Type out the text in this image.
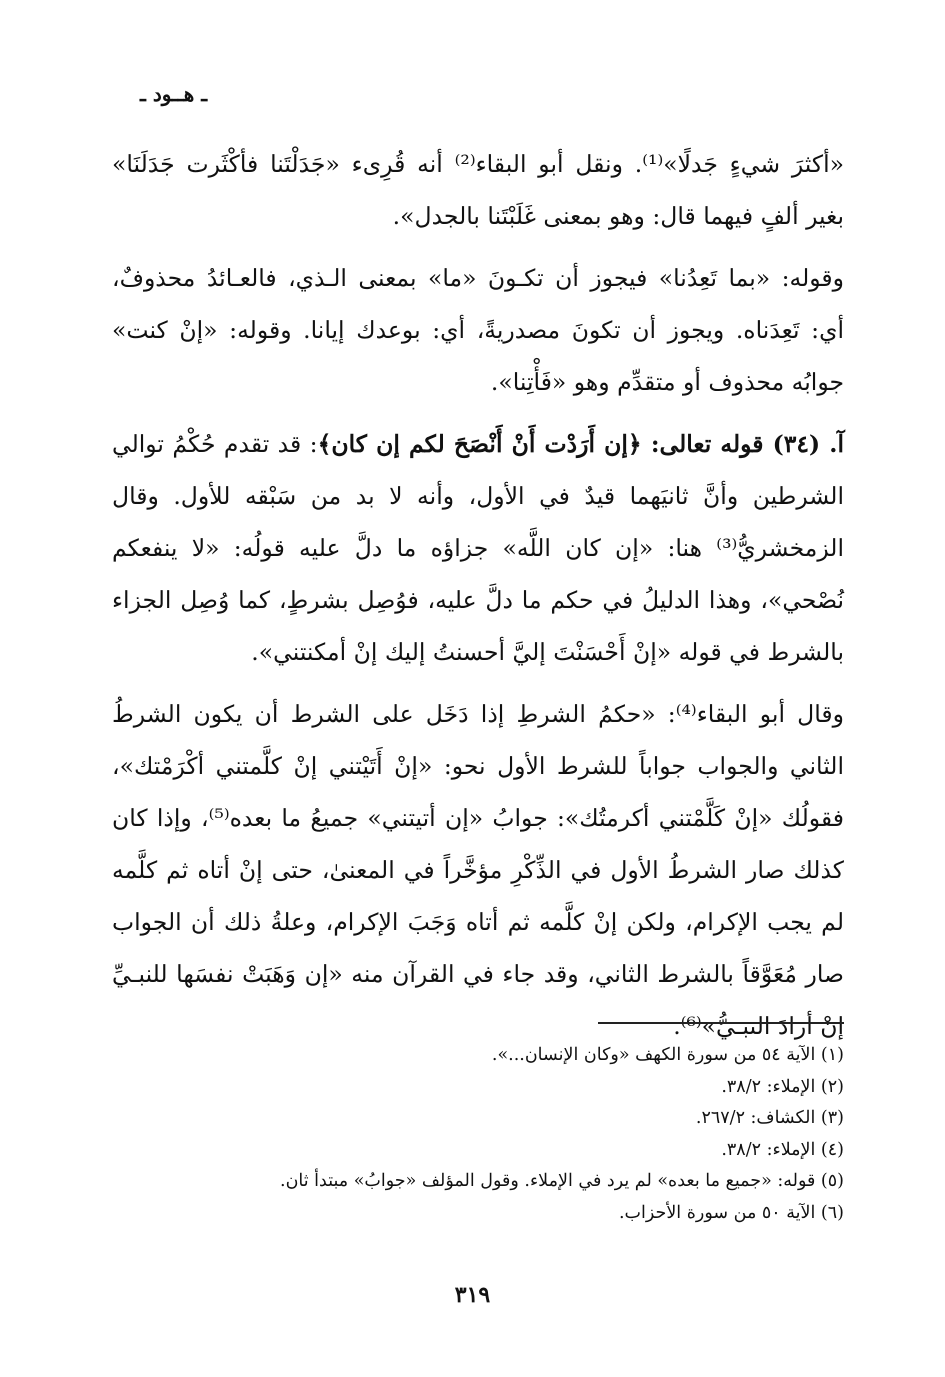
ـ هــود ـ

«أكثرَ شيءٍ جَدلًا»⁽¹⁾. ونقل أبو البقاء⁽²⁾ أنه قُرِىء «جَدَلْتَنا فأكْثَرت جَدَلَنَا» بغير ألفٍ فيهما قال: وهو بمعنى غَلَبْتَنا بالجدل».

وقوله: «بما تَعِدُنا» فيجوز أن تكـونَ «ما» بمعنى الـذي، فالعـائدُ محذوفٌ، أي: تَعِدَناه. ويجوز أن تكونَ مصدريةً، أي: بوعدك إيانا. وقوله: «إنْ كنت» جوابُه محذوف أو متقدِّم وهو «فَأْتِنا».

آ. (٣٤) قوله تعالى: ﴿إن أَرَدْت أَنْ أَنْصَحَ لكم إن كان﴾: قد تقدم حُكْمُ توالي الشرطين وأنَّ ثانيَهما قيدٌ في الأول، وأنه لا بد من سَبْقه للأول. وقال الزمخشريُّ⁽³⁾ هنا: «إن كان اللَّه» جزاؤه ما دلَّ عليه قولُه: «لا ينفعكم نُصْحي»، وهذا الدليلُ في حكم ما دلَّ عليه، فوُصِل بشرطٍ، كما وُصِل الجزاء بالشرط في قوله «إنْ أَحْسَنْتَ إليَّ أحسنتُ إليك إنْ أمكنتني».

وقال أبو البقاء⁽⁴⁾: «حكمُ الشرطِ إذا دَخَل على الشرط أن يكون الشرطُ الثاني والجواب جواباً للشرط الأول نحو: «إنْ أَتَيْتني إنْ كلَّمتني أكْرَمْتك»، فقولُك «إنْ كَلَّمْتني أكرمتُك»: جوابُ «إن أتيتني» جميعُ ما بعده⁽⁵⁾، وإذا كان كذلك صار الشرطُ الأول في الذِّكْرِ مؤخَّراً في المعنىٰ، حتى إنْ أتاه ثم كلَّمه لم يجب الإكرام، ولكن إنْ كلَّمه ثم أتاه وَجَبَ الإكرام، وعلةُ ذلك أن الجواب صار مُعَوَّقاً بالشرط الثاني، وقد جاء في القرآن منه «إن وَهَبَتْ نفسَها للنبـيِّ إنْ أرادَ النبـيُّ»⁽⁶⁾.

(١) الآية ٥٤ من سورة الكهف «وكان الإنسان...».

(٢) الإملاء: ٣٨/٢.

(٣) الكشاف: ٢٦٧/٢.

(٤) الإملاء: ٣٨/٢.

(٥) قوله: «جميع ما بعده» لم يرد في الإملاء. وقول المؤلف «جوابُ» مبتدأ ثان.

(٦) الآية ٥٠ من سورة الأحزاب.

٣١٩
